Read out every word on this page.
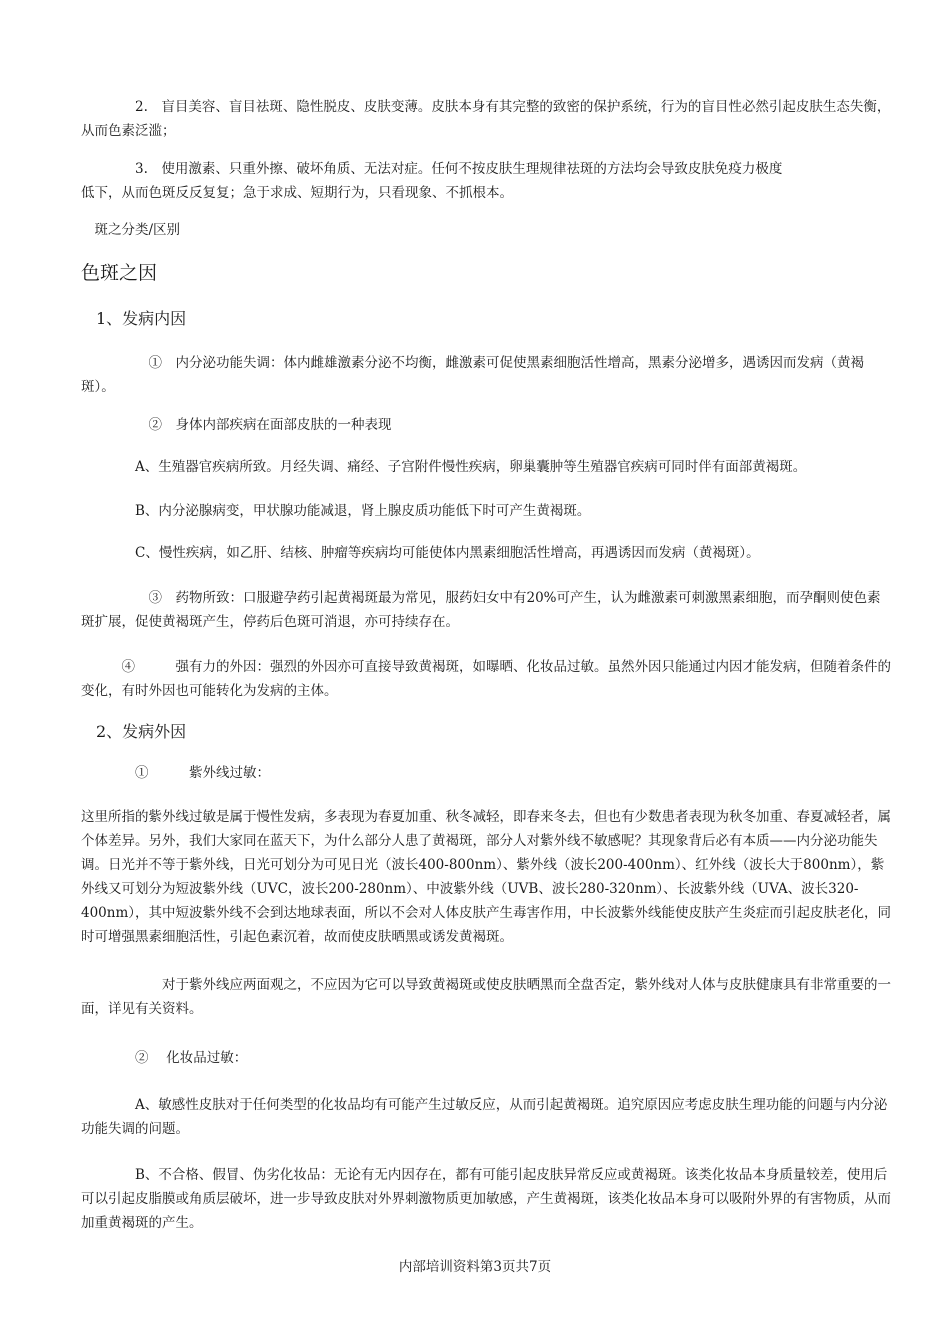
　　　　2.　盲目美容、盲目祛斑、隐性脱皮、皮肤变薄。皮肤本身有其完整的致密的保护系统，行为的盲目性必然引起皮肤生态失衡，从而色素泛滥；

　　　　3.　使用激素、只重外擦、破坏角质、无法对症。任何不按皮肤生理规律祛斑的方法均会导致皮肤免疫力极度

低下，从而色斑反反复复；急于求成、短期行为，只看现象、不抓根本。

　斑之分类/区别

色斑之因
1、发病内因

　　　　　①　内分泌功能失调：体内雌雄激素分泌不均衡，雌激素可促使黑素细胞活性增高，黑素分泌增多，遇诱因而发病（黄褐斑）。

　　　　　②　身体内部疾病在面部皮肤的一种表现

　　　　A、生殖器官疾病所致。月经失调、痛经、子宫附件慢性疾病，卵巢囊肿等生殖器官疾病可同时伴有面部黄褐斑。

　　　　B、内分泌腺病变，甲状腺功能减退，肾上腺皮质功能低下时可产生黄褐斑。

　　　　C、慢性疾病，如乙肝、结核、肿瘤等疾病均可能使体内黑素细胞活性增高，再遇诱因而发病（黄褐斑）。

　　　　　③　药物所致：口服避孕药引起黄褐斑最为常见，服药妇女中有20%可产生，认为雌激素可刺激黑素细胞，而孕酮则使色素斑扩展，促使黄褐斑产生，停药后色斑可消退，亦可持续存在。

　　　④　　　强有力的外因：强烈的外因亦可直接导致黄褐斑，如曝晒、化妆品过敏。虽然外因只能通过内因才能发病，但随着条件的变化，有时外因也可能转化为发病的主体。

2、发病外因

　　　　①　　　紫外线过敏：

这里所指的紫外线过敏是属于慢性发病，多表现为春夏加重、秋冬减轻，即春来冬去，但也有少数患者表现为秋冬加重、春夏减轻者，属个体差异。另外，我们大家同在蓝天下，为什么部分人患了黄褐斑，部分人对紫外线不敏感呢？其现象背后必有本质——内分泌功能失调。日光并不等于紫外线，日光可划分为可见日光（波长400-800nm）、紫外线（波长200-400nm）、红外线（波长大于800nm），紫外线又可划分为短波紫外线（UVC，波长200-280nm）、中波紫外线（UVB、波长280-320nm）、长波紫外线（UVA、波长320-400nm），其中短波紫外线不会到达地球表面，所以不会对人体皮肤产生毒害作用，中长波紫外线能使皮肤产生炎症而引起皮肤老化，同时可增强黑素细胞活性，引起色素沉着，故而使皮肤晒黑或诱发黄褐斑。

　　　　　　对于紫外线应两面观之，不应因为它可以导致黄褐斑或使皮肤晒黑而全盘否定，紫外线对人体与皮肤健康具有非常重要的一面，详见有关资料。

　　　　②　 化妆品过敏：

　　　　A、敏感性皮肤对于任何类型的化妆品均有可能产生过敏反应，从而引起黄褐斑。追究原因应考虑皮肤生理功能的问题与内分泌功能失调的问题。

　　　　B、不合格、假冒、伪劣化妆品：无论有无内因存在，都有可能引起皮肤异常反应或黄褐斑。该类化妆品本身质量较差，使用后可以引起皮脂膜或角质层破坏，进一步导致皮肤对外界刺激物质更加敏感，产生黄褐斑，该类化妆品本身可以吸附外界的有害物质，从而加重黄褐斑的产生。

内部培训资料第3页共7页
